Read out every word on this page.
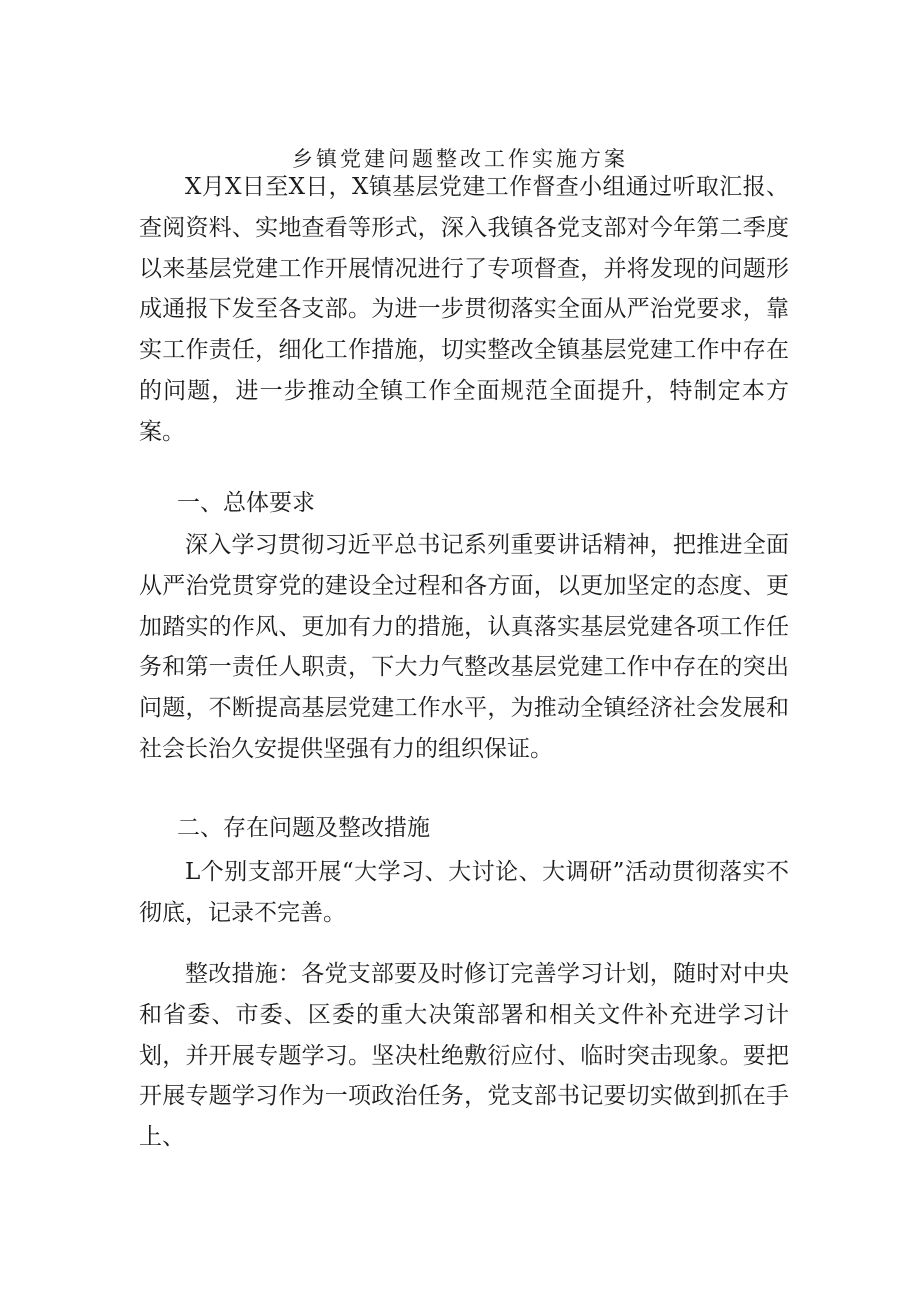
乡镇党建问题整改工作实施方案

X月X日至X日，X镇基层党建工作督查小组通过听取汇报、查阅资料、实地查看等形式，深入我镇各党支部对今年第二季度以来基层党建工作开展情况进行了专项督查，并将发现的问题形成通报下发至各支部。为进一步贯彻落实全面从严治党要求，靠实工作责任，细化工作措施，切实整改全镇基层党建工作中存在的问题，进一步推动全镇工作全面规范全面提升，特制定本方案。

一、总体要求

深入学习贯彻习近平总书记系列重要讲话精神，把推进全面从严治党贯穿党的建设全过程和各方面，以更加坚定的态度、更加踏实的作风、更加有力的措施，认真落实基层党建各项工作任务和第一责任人职责，下大力气整改基层党建工作中存在的突出问题，不断提高基层党建工作水平，为推动全镇经济社会发展和社会长治久安提供坚强有力的组织保证。

二、存在问题及整改措施

L个别支部开展“大学习、大讨论、大调研”活动贯彻落实不彻底，记录不完善。

整改措施：各党支部要及时修订完善学习计划，随时对中央和省委、市委、区委的重大决策部署和相关文件补充进学习计划，并开展专题学习。坚决杜绝敷衍应付、临时突击现象。要把开展专题学习作为一项政治任务，党支部书记要切实做到抓在手上、
